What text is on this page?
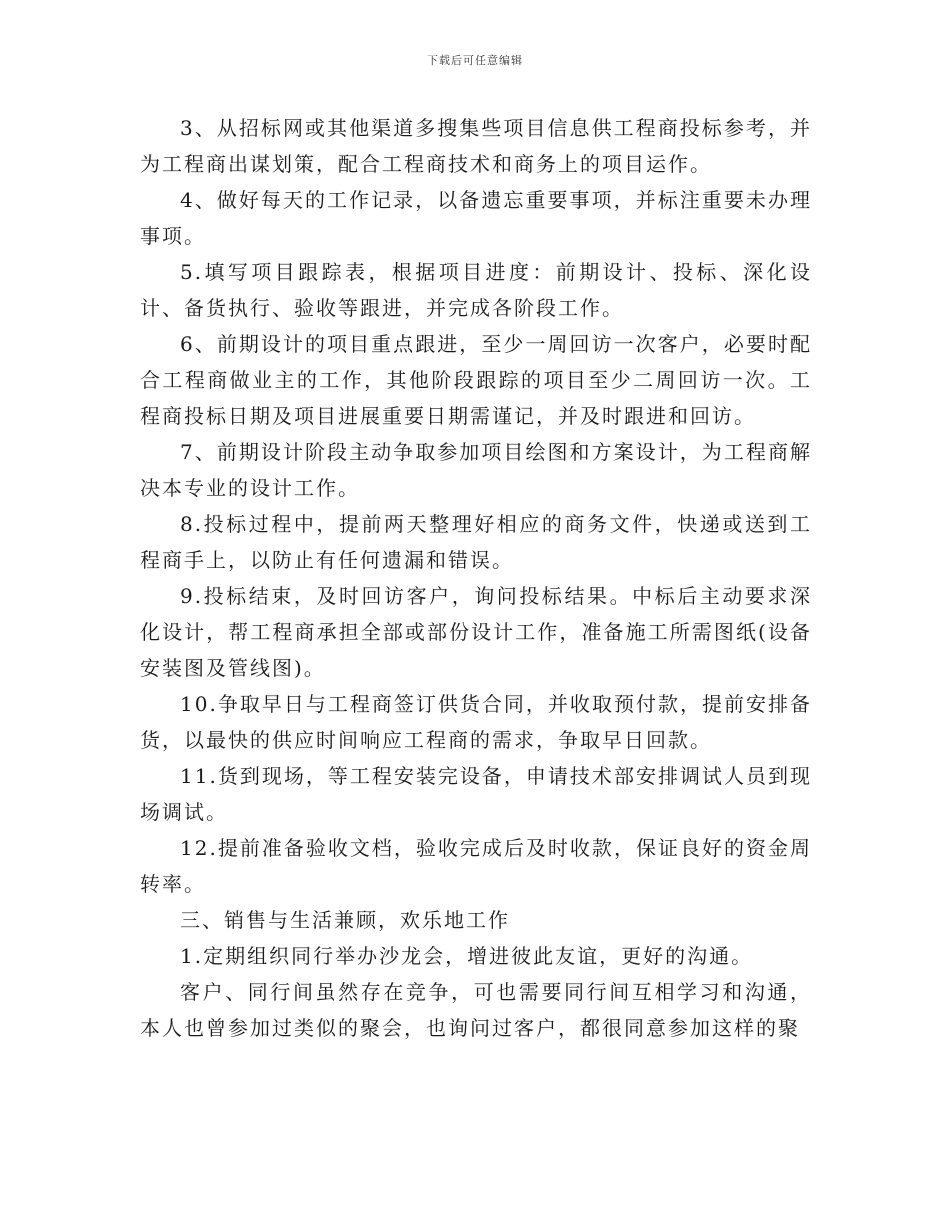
下载后可任意编辑

3、从招标网或其他渠道多搜集些项目信息供工程商投标参考，并为工程商出谋划策，配合工程商技术和商务上的项目运作。

4、做好每天的工作记录，以备遗忘重要事项，并标注重要未办理事项。

5.填写项目跟踪表，根据项目进度：前期设计、投标、深化设计、备货执行、验收等跟进，并完成各阶段工作。

6、前期设计的项目重点跟进，至少一周回访一次客户，必要时配合工程商做业主的工作，其他阶段跟踪的项目至少二周回访一次。工程商投标日期及项目进展重要日期需谨记，并及时跟进和回访。

7、前期设计阶段主动争取参加项目绘图和方案设计，为工程商解决本专业的设计工作。

8.投标过程中，提前两天整理好相应的商务文件，快递或送到工程商手上，以防止有任何遗漏和错误。

9.投标结束，及时回访客户，询问投标结果。中标后主动要求深化设计，帮工程商承担全部或部份设计工作，准备施工所需图纸(设备安装图及管线图)。

10.争取早日与工程商签订供货合同，并收取预付款，提前安排备货，以最快的供应时间响应工程商的需求，争取早日回款。

11.货到现场，等工程安装完设备，申请技术部安排调试人员到现场调试。

12.提前准备验收文档，验收完成后及时收款，保证良好的资金周转率。

三、销售与生活兼顾，欢乐地工作

1.定期组织同行举办沙龙会，增进彼此友谊，更好的沟通。

客户、同行间虽然存在竞争，可也需要同行间互相学习和沟通，本人也曾参加过类似的聚会，也询问过客户，都很同意参加这样的聚
